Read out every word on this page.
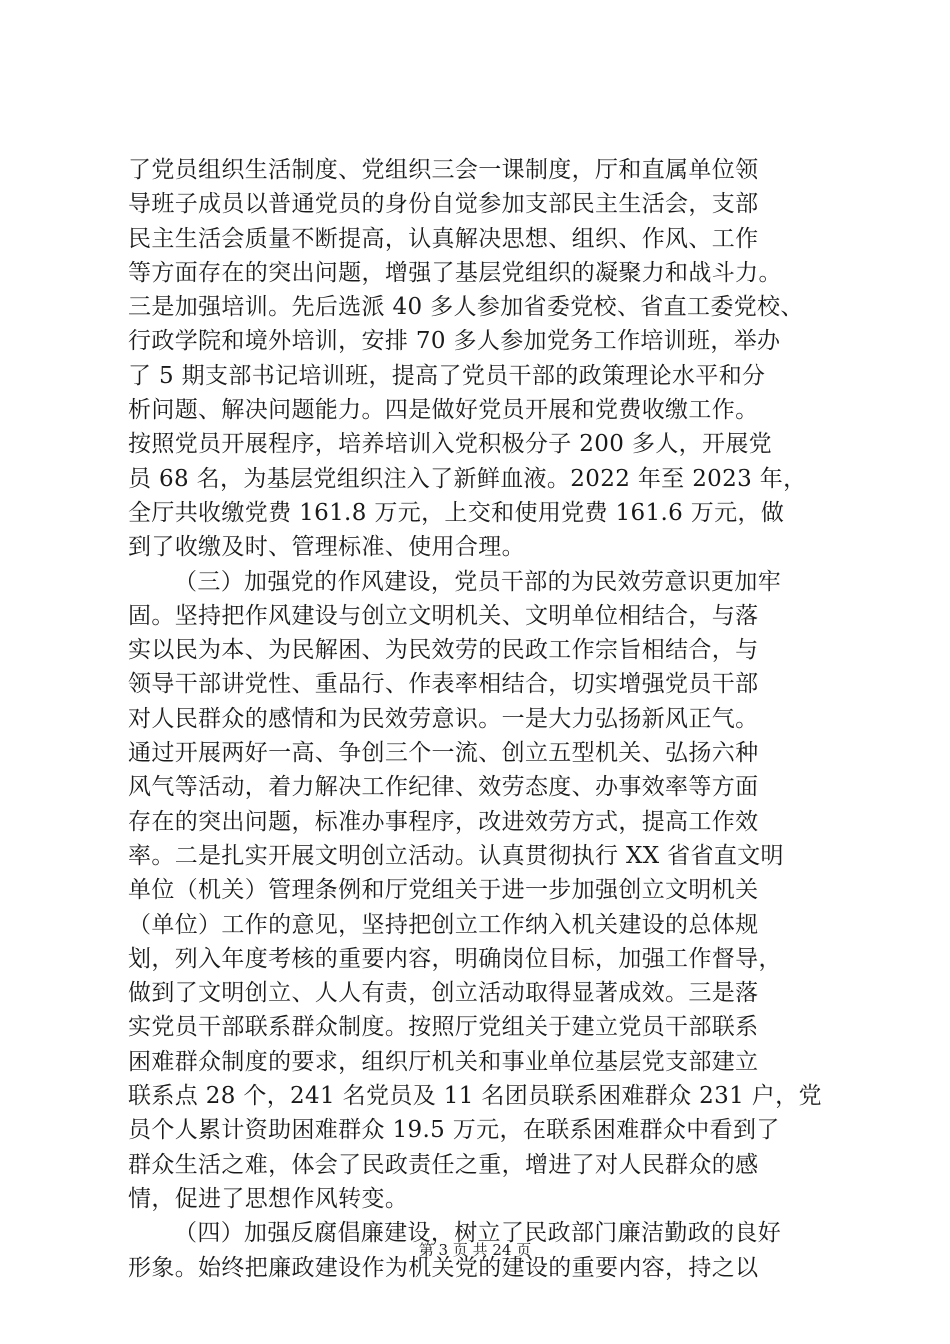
了党员组织生活制度、党组织三会一课制度，厅和直属单位领
导班子成员以普通党员的身份自觉参加支部民主生活会，支部
民主生活会质量不断提高，认真解决思想、组织、作风、工作
等方面存在的突出问题，增强了基层党组织的凝聚力和战斗力。
三是加强培训。先后选派 40 多人参加省委党校、省直工委党校、
行政学院和境外培训，安排 70 多人参加党务工作培训班，举办
了 5 期支部书记培训班，提高了党员干部的政策理论水平和分
析问题、解决问题能力。四是做好党员开展和党费收缴工作。
按照党员开展程序，培养培训入党积极分子 200 多人，开展党
员 68 名，为基层党组织注入了新鲜血液。2022 年至 2023 年，
全厅共收缴党费 161.8 万元，上交和使用党费 161.6 万元，做
到了收缴及时、管理标准、使用合理。
（三）加强党的作风建设，党员干部的为民效劳意识更加牢
固。坚持把作风建设与创立文明机关、文明单位相结合，与落
实以民为本、为民解困、为民效劳的民政工作宗旨相结合，与
领导干部讲党性、重品行、作表率相结合，切实增强党员干部
对人民群众的感情和为民效劳意识。一是大力弘扬新风正气。
通过开展两好一高、争创三个一流、创立五型机关、弘扬六种
风气等活动，着力解决工作纪律、效劳态度、办事效率等方面
存在的突出问题，标准办事程序，改进效劳方式，提高工作效
率。二是扎实开展文明创立活动。认真贯彻执行 XX 省省直文明
单位（机关）管理条例和厅党组关于进一步加强创立文明机关
（单位）工作的意见，坚持把创立工作纳入机关建设的总体规
划，列入年度考核的重要内容，明确岗位目标，加强工作督导，
做到了文明创立、人人有责，创立活动取得显著成效。三是落
实党员干部联系群众制度。按照厅党组关于建立党员干部联系
困难群众制度的要求，组织厅机关和事业单位基层党支部建立
联系点 28 个，241 名党员及 11 名团员联系困难群众 231 户，党
员个人累计资助困难群众 19.5 万元，在联系困难群众中看到了
群众生活之难，体会了民政责任之重，增进了对人民群众的感
情，促进了思想作风转变。
（四）加强反腐倡廉建设，树立了民政部门廉洁勤政的良好
形象。始终把廉政建设作为机关党的建设的重要内容，持之以
第 3 页 共 24 页
